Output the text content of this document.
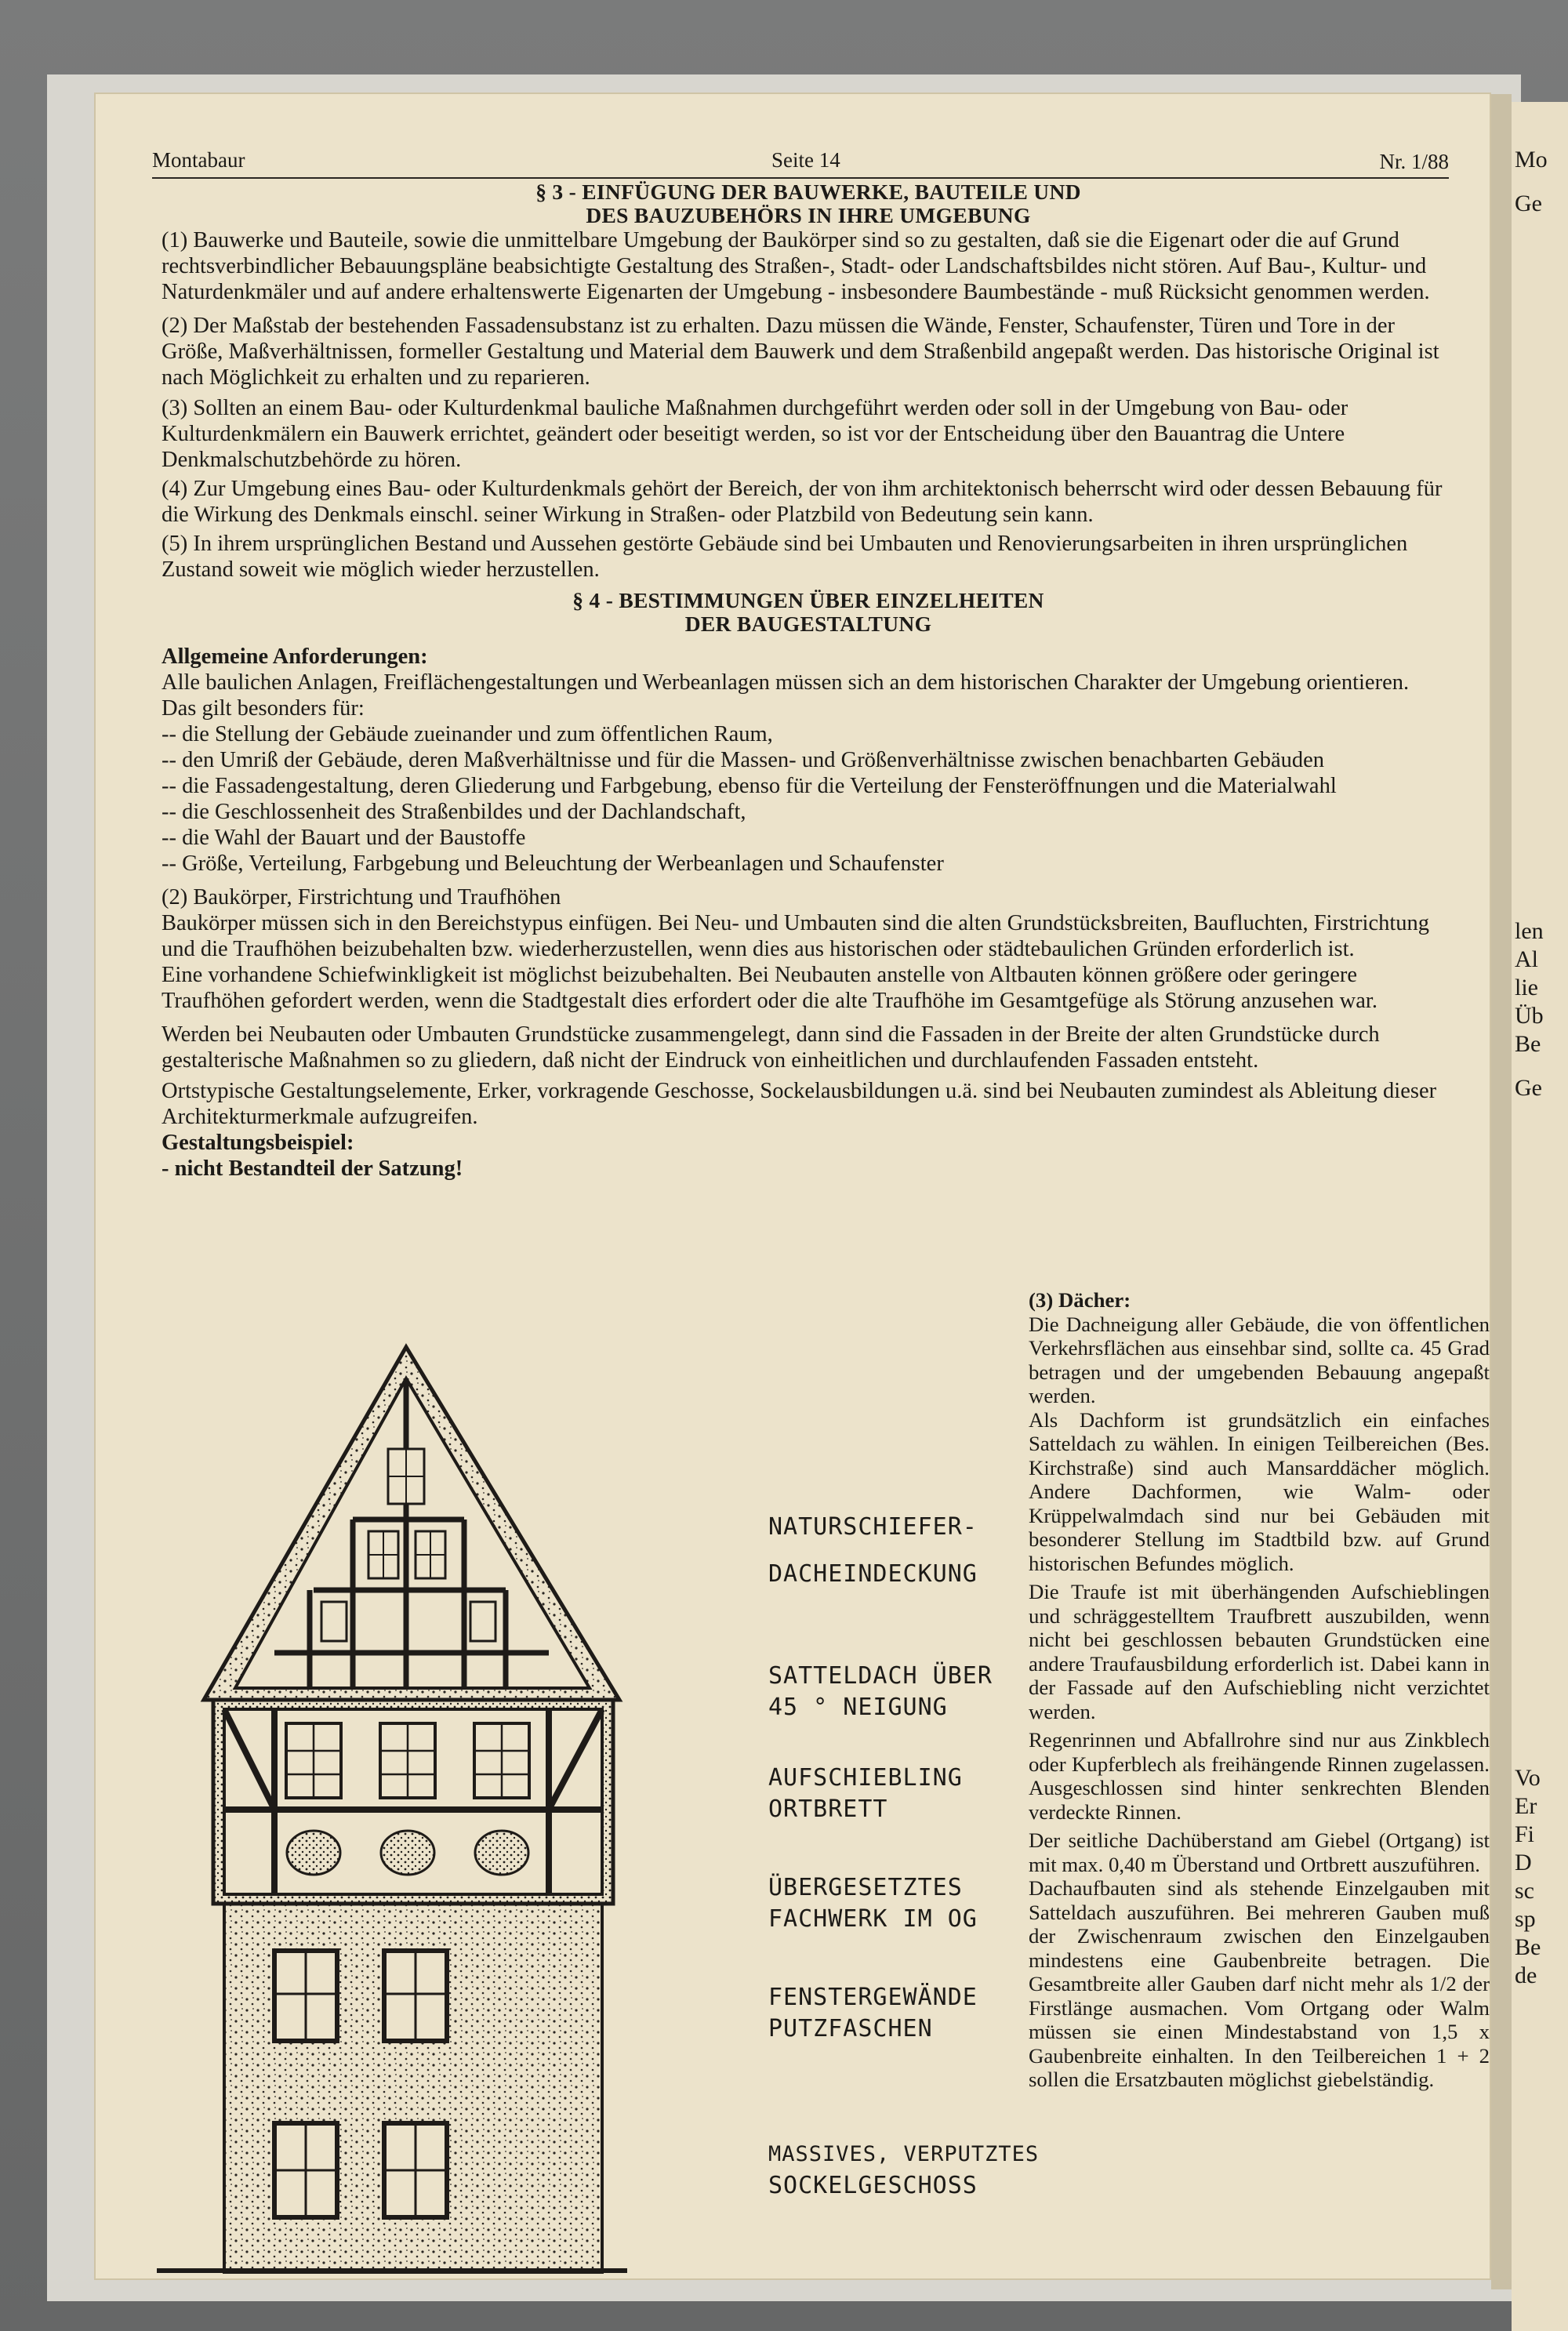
Mo
Ge
len
Al
lie
Üb
Be
Ge
Vo
Er
Fi
D
sc
sp
Be
de
Montabaur	Seite 14	Nr. 1/88

§ 3 - EINFÜGUNG DER BAUWERKE, BAUTEILE UND

DES BAUZUBEHÖRS IN IHRE UMGEBUNG

(1) Bauwerke und Bauteile, sowie die unmittelbare Umgebung der Baukörper sind so zu gestalten, daß sie die Eigenart oder die auf Grund rechtsverbindlicher Bebauungspläne beabsichtigte Gestaltung des Straßen-, Stadt- oder Landschaftsbildes nicht stören. Auf Bau-, Kultur- und Naturdenkmäler und auf andere erhaltenswerte Eigenarten der Umgebung - insbesondere Baumbestände - muß Rücksicht genommen werden.

(2) Der Maßstab der bestehenden Fassadensubstanz ist zu erhalten. Dazu müssen die Wände, Fenster, Schaufenster, Türen und Tore in der Größe, Maßverhältnissen, formeller Gestaltung und Material dem Bauwerk und dem Straßenbild angepaßt werden. Das historische Original ist nach Möglichkeit zu erhalten und zu reparieren.

(3) Sollten an einem Bau- oder Kulturdenkmal bauliche Maßnahmen durchgeführt werden oder soll in der Umgebung von Bau- oder Kulturdenkmälern ein Bauwerk errichtet, geändert oder beseitigt werden, so ist vor der Entscheidung über den Bauantrag die Untere Denkmalschutzbehörde zu hören.

(4) Zur Umgebung eines Bau- oder Kulturdenkmals gehört der Bereich, der von ihm architektonisch beherrscht wird oder dessen Bebauung für die Wirkung des Denkmals einschl. seiner Wirkung in Straßen- oder Platzbild von Bedeutung sein kann.

(5) In ihrem ursprünglichen Bestand und Aussehen gestörte Gebäude sind bei Umbauten und Renovierungsarbeiten in ihren ursprünglichen Zustand soweit wie möglich wieder herzustellen.

§ 4 - BESTIMMUNGEN ÜBER EINZELHEITEN

DER BAUGESTALTUNG

Allgemeine Anforderungen:

Alle baulichen Anlagen, Freiflächengestaltungen und Werbeanlagen müssen sich an dem historischen Charakter der Umgebung orientieren.

Das gilt besonders für:

-- die Stellung der Gebäude zueinander und zum öffentlichen Raum,

-- den Umriß der Gebäude, deren Maßverhältnisse und für die Massen- und Größenverhältnisse zwischen benachbarten Gebäuden

-- die Fassadengestaltung, deren Gliederung und Farbgebung, ebenso für die Verteilung der Fensteröffnungen und die Materialwahl

-- die Geschlossenheit des Straßenbildes und der Dachlandschaft,

-- die Wahl der Bauart und der Baustoffe

-- Größe, Verteilung, Farbgebung und Beleuchtung der Werbeanlagen und Schaufenster

(2) Baukörper, Firstrichtung und Traufhöhen

Baukörper müssen sich in den Bereichstypus einfügen. Bei Neu- und Umbauten sind die alten Grundstücksbreiten, Baufluchten, Firstrichtung und die Traufhöhen beizubehalten bzw. wiederherzustellen, wenn dies aus historischen oder städtebaulichen Gründen erforderlich ist.

Eine vorhandene Schiefwinkligkeit ist möglichst beizubehalten. Bei Neubauten anstelle von Altbauten können größere oder geringere Traufhöhen gefordert werden, wenn die Stadtgestalt dies erfordert oder die alte Traufhöhe im Gesamtgefüge als Störung anzusehen war.

Werden bei Neubauten oder Umbauten Grundstücke zusammengelegt, dann sind die Fassaden in der Breite der alten Grundstücke durch gestalterische Maßnahmen so zu gliedern, daß nicht der Eindruck von einheitlichen und durchlaufenden Fassaden entsteht.

Ortstypische Gestaltungselemente, Erker, vorkragende Geschosse, Sockelausbildungen u.ä. sind bei Neubauten zumindest als Ableitung dieser Architekturmerkmale aufzugreifen.

Gestaltungsbeispiel:

- nicht Bestandteil der Satzung!

NATURSCHIEFER-
DACHEINDECKUNG
SATTELDACH ÜBER
45 ° NEIGUNG
AUFSCHIEBLING
ORTBRETT
ÜBERGESETZTES
FACHWERK IM OG
FENSTERGEWÄNDE
PUTZFASCHEN
MASSIVES, VERPUTZTES
SOCKELGESCHOSS

(3) Dächer:

Die Dachneigung aller Gebäude, die von öffentlichen Verkehrsflächen aus einsehbar sind, sollte ca. 45 Grad betragen und der umgebenden Bebauung angepaßt werden.

Als Dachform ist grundsätzlich ein einfaches Satteldach zu wählen. In einigen Teilbereichen (Bes. Kirchstraße) sind auch Mansarddächer möglich. Andere Dachformen, wie Walm- oder Krüppelwalmdach sind nur bei Gebäuden mit besonderer Stellung im Stadtbild bzw. auf Grund historischen Befundes möglich.

Die Traufe ist mit überhängenden Aufschieblingen und schräggestelltem Traufbrett auszubilden, wenn nicht bei geschlossen bebauten Grundstücken eine andere Traufausbildung erforderlich ist. Dabei kann in der Fassade auf den Aufschiebling nicht verzichtet werden.

Regenrinnen und Abfallrohre sind nur aus Zinkblech oder Kupferblech als freihängende Rinnen zugelassen. Ausgeschlossen sind hinter senkrechten Blenden verdeckte Rinnen.

Der seitliche Dachüberstand am Giebel (Ortgang) ist mit max. 0,40 m Überstand und Ortbrett auszuführen.

Dachaufbauten sind als stehende Einzelgauben mit Satteldach auszuführen. Bei mehreren Gauben muß der Zwischenraum zwischen den Einzelgauben mindestens eine Gaubenbreite betragen. Die Gesamtbreite aller Gauben darf nicht mehr als 1/2 der Firstlänge ausmachen. Vom Ortgang oder Walm müssen sie einen Mindestabstand von 1,5 x Gaubenbreite einhalten. In den Teilbereichen 1 + 2 sollen die Ersatzbauten möglichst giebelständig.
